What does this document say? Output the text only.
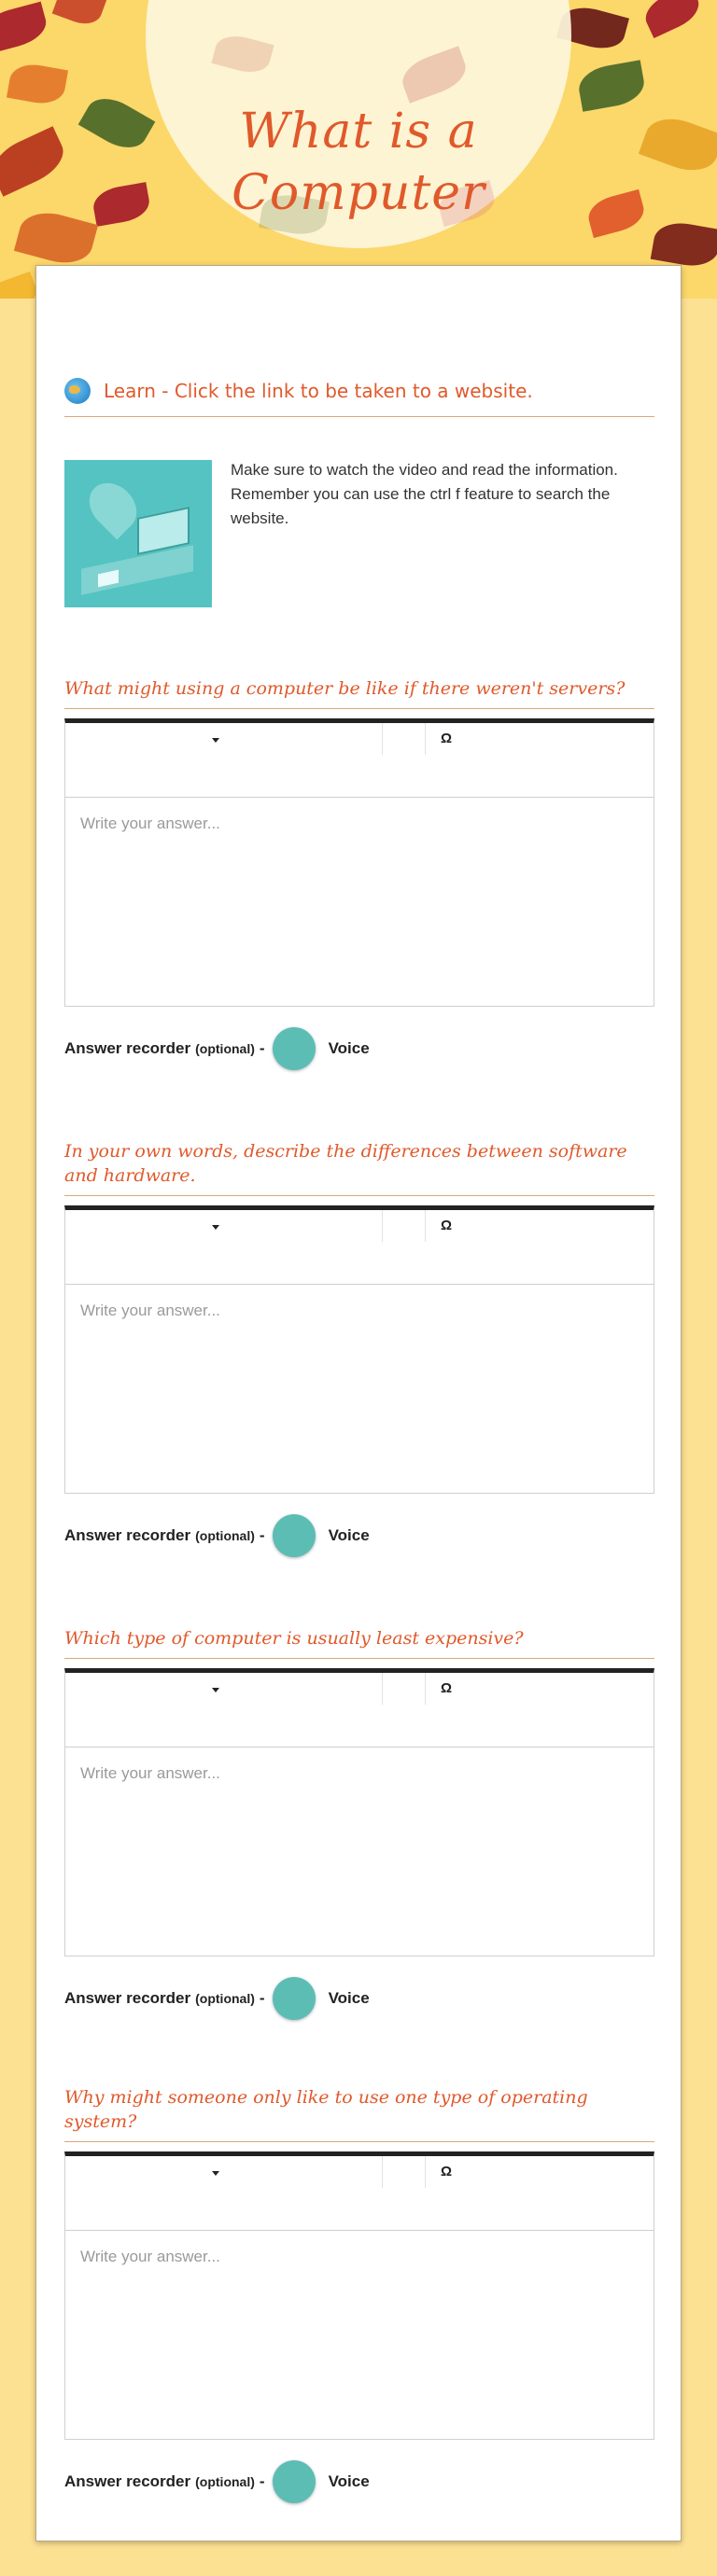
What is a Computer
Learn - Click the link to be taken to a website.

Make sure to watch the video and read the information. Remember you can use the ctrl f feature to search the website.

What might using a computer be like if there weren't servers?
Ω
Write your answer...
Answer recorder (optional) -	Voice
In your own words, describe the differences between software and hardware.
Ω
Write your answer...
Answer recorder (optional) -	Voice
Which type of computer is usually least expensive?
Ω
Write your answer...
Answer recorder (optional) -	Voice
Why might someone only like to use one type of operating system?
Ω
Write your answer...
Answer recorder (optional) -	Voice
